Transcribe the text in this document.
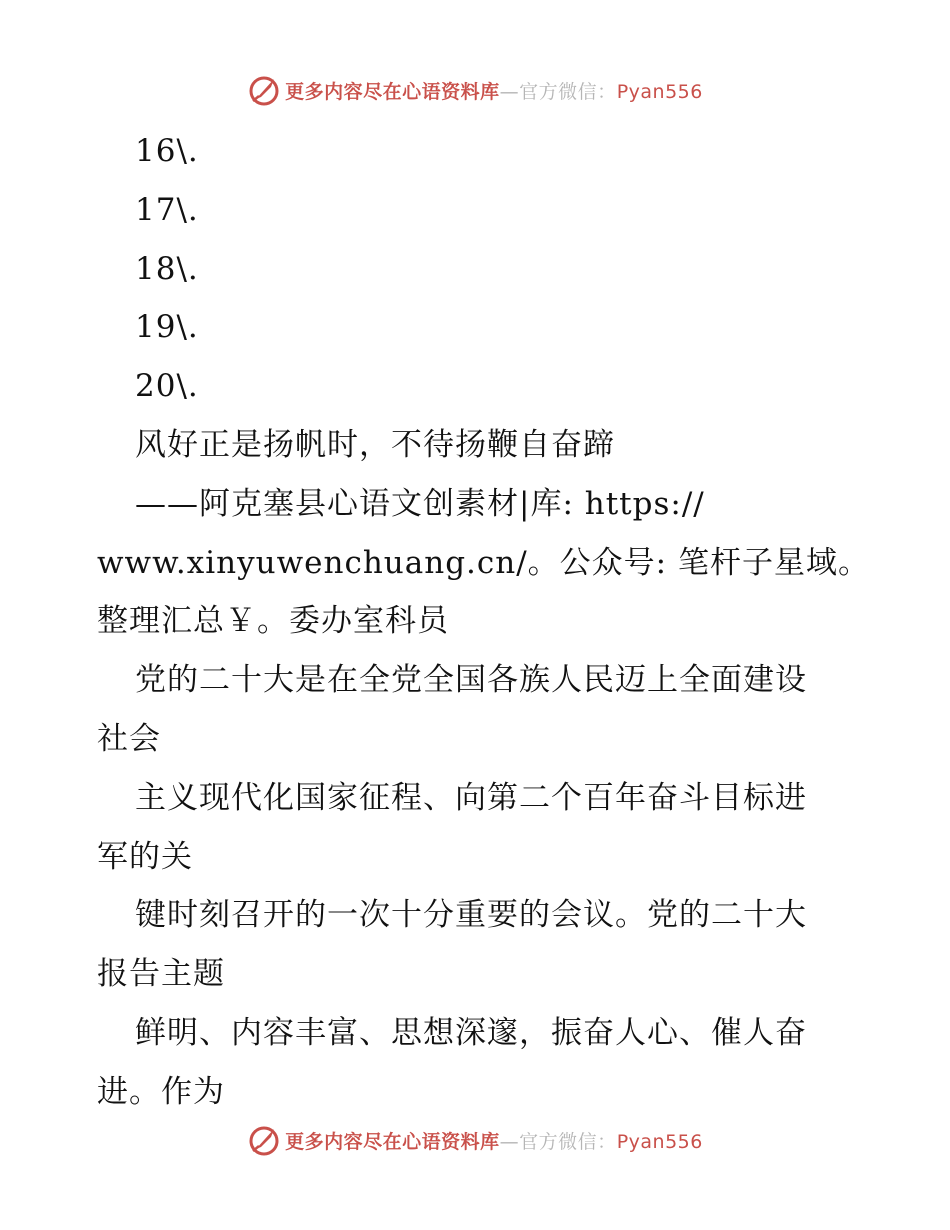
更多内容尽在心语资料库—官方微信：Pyan556
16\.
17\.
18\.
19\.
20\.
风好正是扬帆时，不待扬鞭自奋蹄
——阿克塞县心语文创素材|库: https://
www.xinyuwenchuang.cn/。公众号: 笔杆子星域。
整理汇总￥。委办室科员
党的二十大是在全党全国各族人民迈上全面建设
社会
主义现代化国家征程、向第二个百年奋斗目标进
军的关
键时刻召开的一次十分重要的会议。党的二十大
报告主题
鲜明、内容丰富、思想深邃，振奋人心、催人奋
进。作为
更多内容尽在心语资料库—官方微信：Pyan556
